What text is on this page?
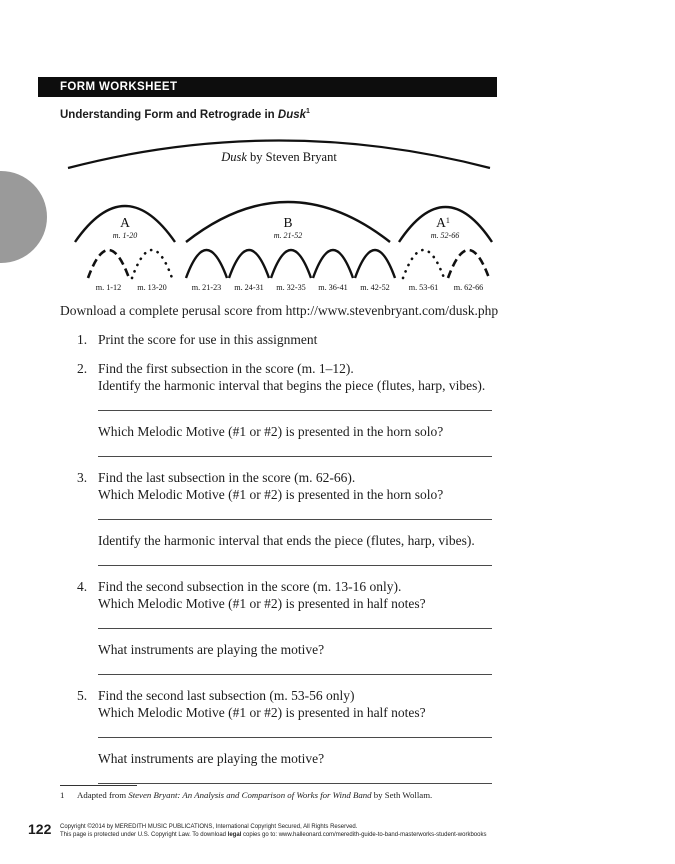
FORM WORKSHEET
Understanding Form and Retrograde in Dusk$^1$
Dusk by Steven Bryant
A
m. 1-20
B
m. 21-52
$A^1$
m. 52-66
m. 1-12 m. 13-20	m. 21-23 m. 24-31 m. 32-35 m. 36-41 m. 42-52 m. 53-61 m. 62-66
Download a complete perusal score from http://www.stevenbryant.com/dusk.php
1. Print the score for use in this assignment
2. Find the first subsection in the score (m. 1–12).
Identify the harmonic interval that begins the piece (flutes, harp, vibes).
Which Melodic Motive (#1 or #2) is presented in the horn solo?
3. Find the last subsection in the score (m. 62-66).
Which Melodic Motive (#1 or #2) is presented in the horn solo?
Identify the harmonic interval that ends the piece (flutes, harp, vibes).
4. Find the second subsection in the score (m. 13-16 only).
Which Melodic Motive (#1 or #2) is presented in half notes?
What instruments are playing the motive?
5. Find the second last subsection (m. 53-56 only)
Which Melodic Motive (#1 or #2) is presented in half notes?
What instruments are playing the motive?
1 Adapted from Steven Bryant: An Analysis and Comparison of Works for Wind Band by Seth Wollam.
122 Copyright ©2014 by MEREDITH MUSIC PUBLICATIONS, International Copyright Secured, All Rights Reserved.
This page is protected under U.S. Copyright Law. To download legal copies go to: www.halleonard.com/meredith-guide-to-band-masterworks-student-workbooks
